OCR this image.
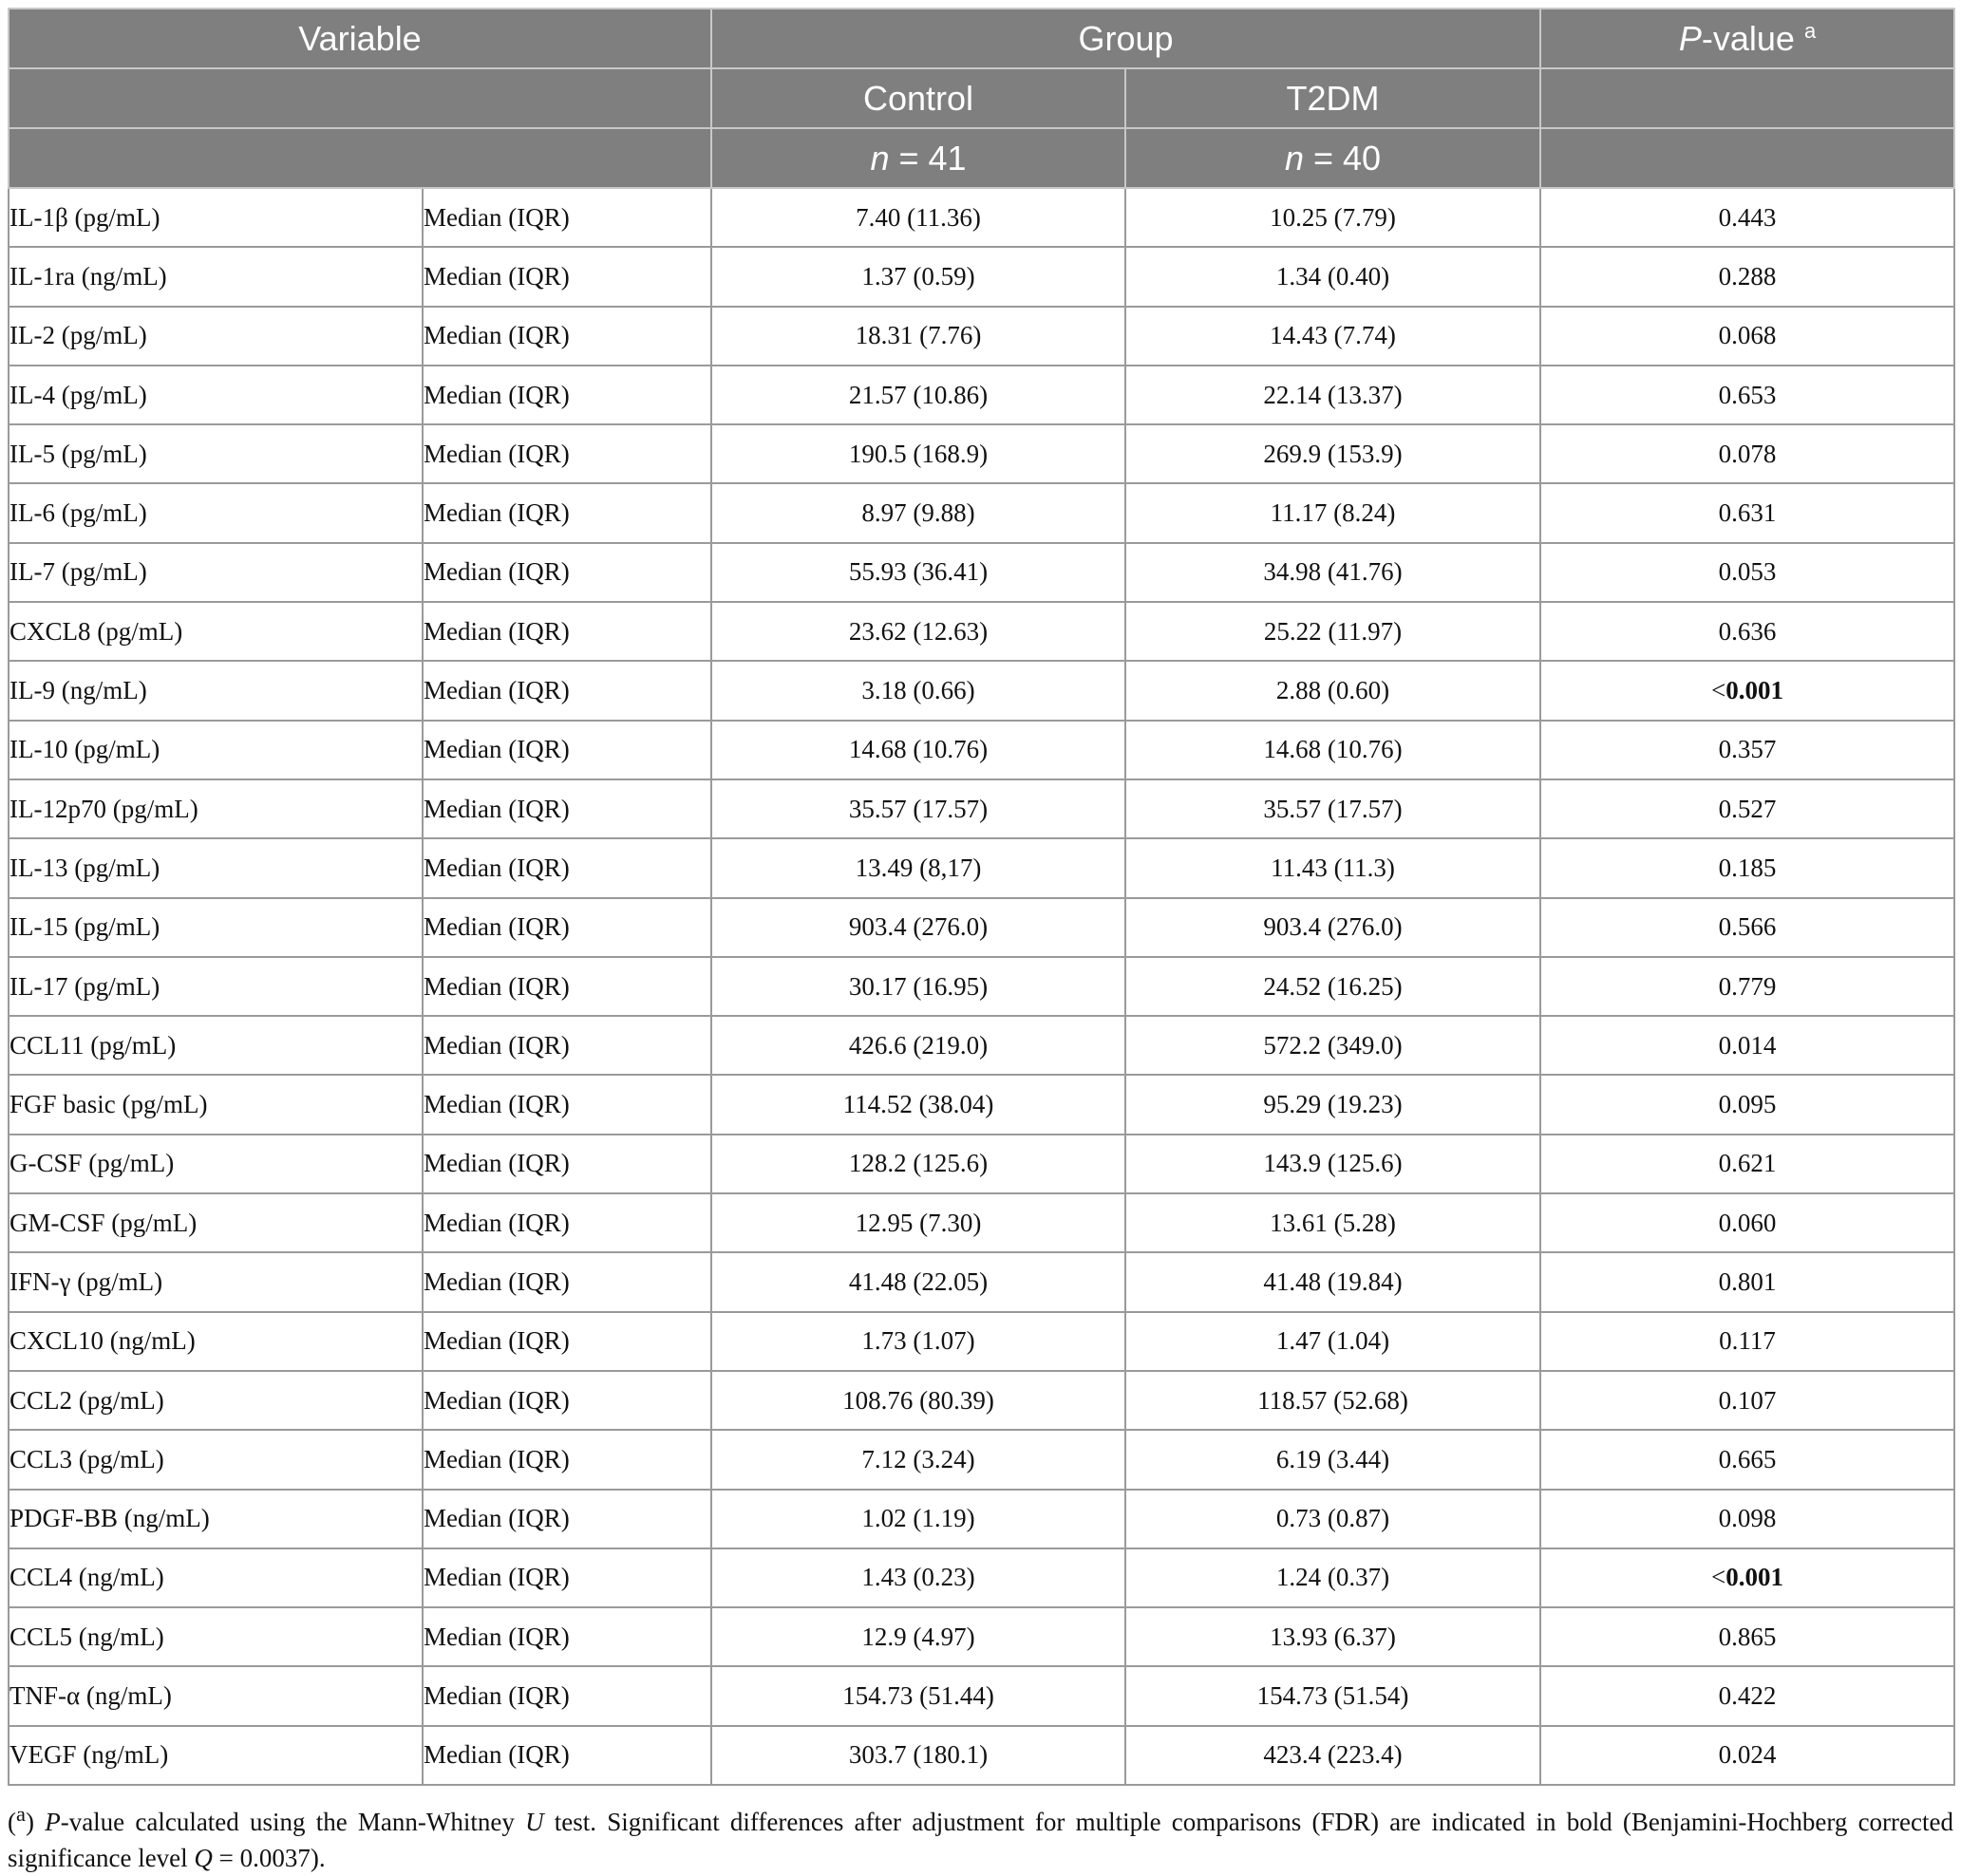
Variable		Group		P-value $^a$
		Control	T2DM	
		n = 41	n = 40	
IL-1β (pg/mL)	Median (IQR)	7.40 (11.36)	10.25 (7.79)	0.443
IL-1ra (ng/mL)	Median (IQR)	1.37 (0.59)	1.34 (0.40)	0.288
IL-2 (pg/mL)	Median (IQR)	18.31 (7.76)	14.43 (7.74)	0.068
IL-4 (pg/mL)	Median (IQR)	21.57 (10.86)	22.14 (13.37)	0.653
IL-5 (pg/mL)	Median (IQR)	190.5 (168.9)	269.9 (153.9)	0.078
IL-6 (pg/mL)	Median (IQR)	8.97 (9.88)	11.17 (8.24)	0.631
IL-7 (pg/mL)	Median (IQR)	55.93 (36.41)	34.98 (41.76)	0.053
CXCL8 (pg/mL)	Median (IQR)	23.62 (12.63)	25.22 (11.97)	0.636
IL-9 (ng/mL)	Median (IQR)	3.18 (0.66)	2.88 (0.60)	<0.001
IL-10 (pg/mL)	Median (IQR)	14.68 (10.76)	14.68 (10.76)	0.357
IL-12p70 (pg/mL)	Median (IQR)	35.57 (17.57)	35.57 (17.57)	0.527
IL-13 (pg/mL)	Median (IQR)	13.49 (8,17)	11.43 (11.3)	0.185
IL-15 (pg/mL)	Median (IQR)	903.4 (276.0)	903.4 (276.0)	0.566
IL-17 (pg/mL)	Median (IQR)	30.17 (16.95)	24.52 (16.25)	0.779
CCL11 (pg/mL)	Median (IQR)	426.6 (219.0)	572.2 (349.0)	0.014
FGF basic (pg/mL)	Median (IQR)	114.52 (38.04)	95.29 (19.23)	0.095
G-CSF (pg/mL)	Median (IQR)	128.2 (125.6)	143.9 (125.6)	0.621
GM-CSF (pg/mL)	Median (IQR)	12.95 (7.30)	13.61 (5.28)	0.060
IFN-γ (pg/mL)	Median (IQR)	41.48 (22.05)	41.48 (19.84)	0.801
CXCL10 (ng/mL)	Median (IQR)	1.73 (1.07)	1.47 (1.04)	0.117
CCL2 (pg/mL)	Median (IQR)	108.76 (80.39)	118.57 (52.68)	0.107
CCL3 (pg/mL)	Median (IQR)	7.12 (3.24)	6.19 (3.44)	0.665
PDGF-BB (ng/mL)	Median (IQR)	1.02 (1.19)	0.73 (0.87)	0.098
CCL4 (ng/mL)	Median (IQR)	1.43 (0.23)	1.24 (0.37)	<0.001
CCL5 (ng/mL)	Median (IQR)	12.9 (4.97)	13.93 (6.37)	0.865
TNF-α (ng/mL)	Median (IQR)	154.73 (51.44)	154.73 (51.54)	0.422
VEGF (ng/mL)	Median (IQR)	303.7 (180.1)	423.4 (223.4)	0.024
($^a$) P-value calculated using the Mann-Whitney U test. Significant differences after adjustment for multiple comparisons (FDR) are indicated in bold (Benjamini-Hochberg corrected significance level Q = 0.0037).
